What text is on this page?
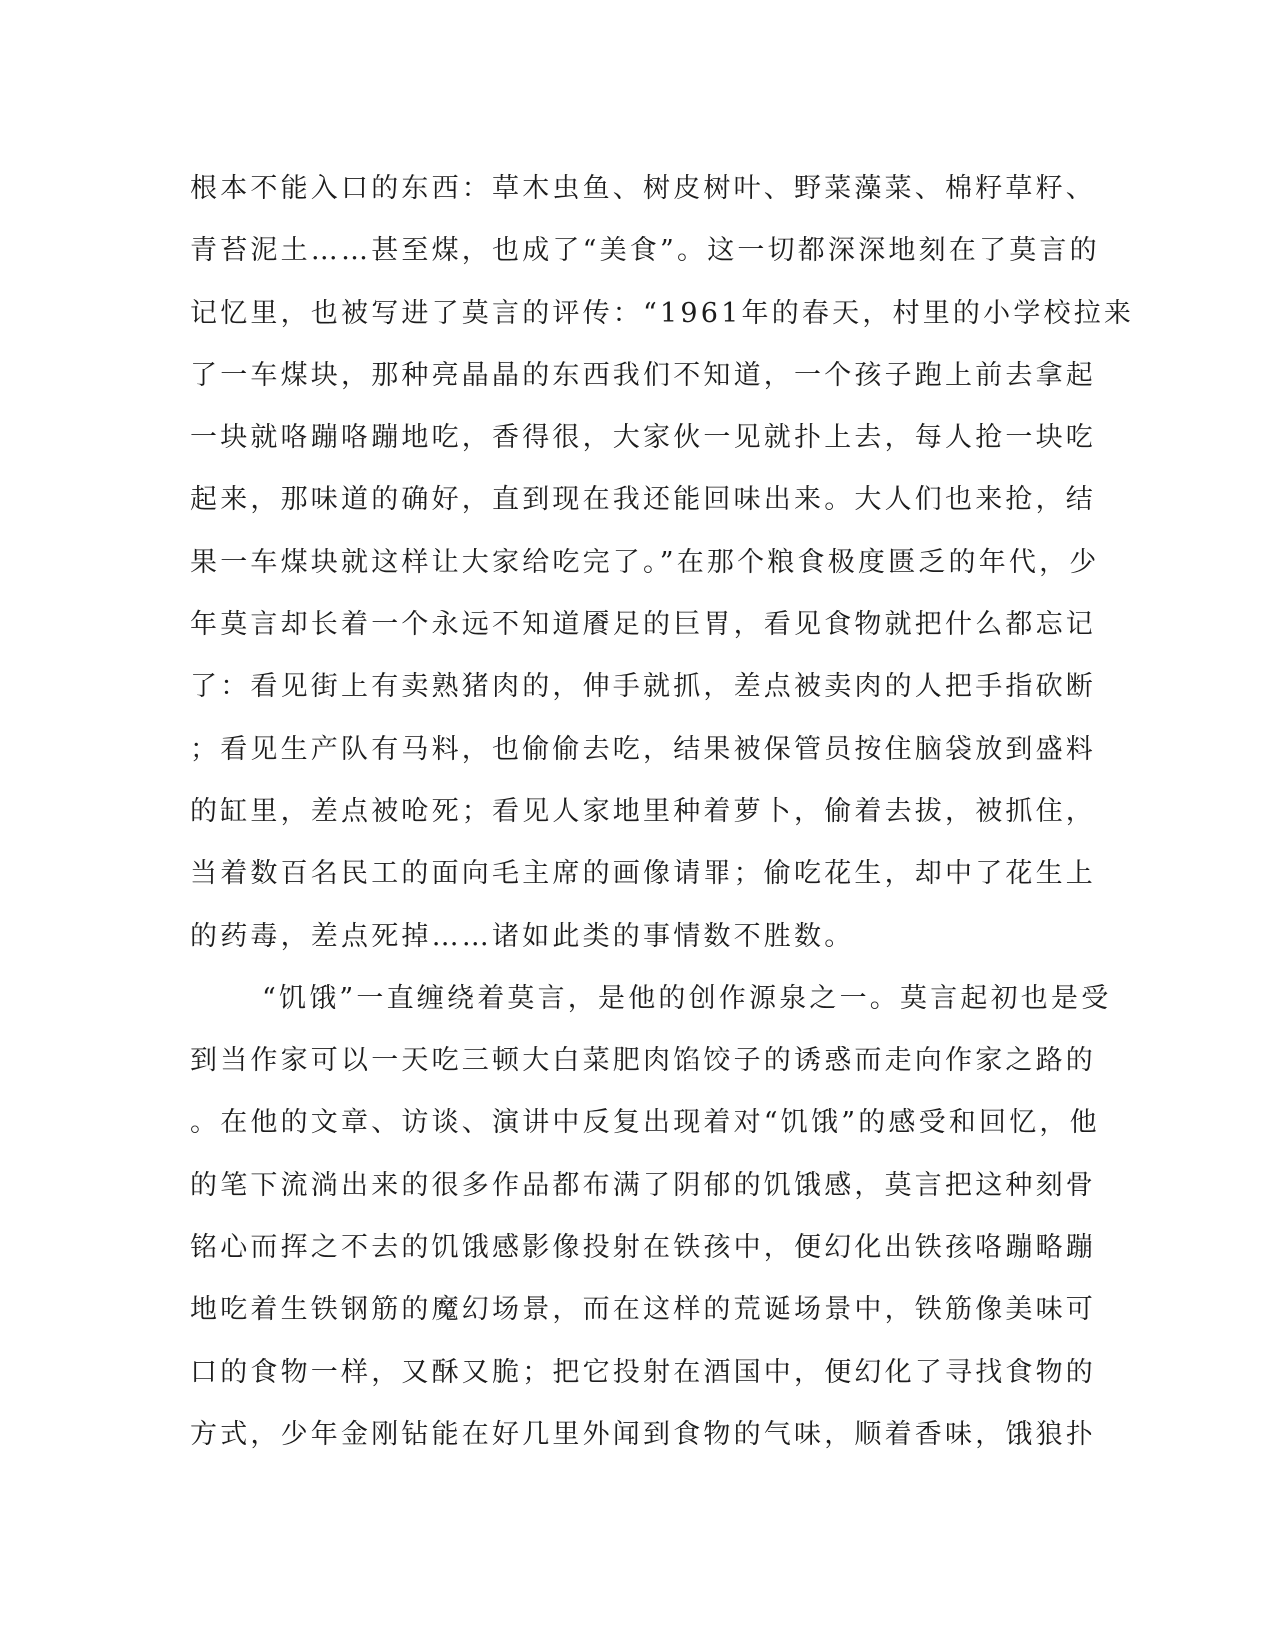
根本不能入口的东西：草木虫鱼、树皮树叶、野菜藻菜、棉籽草籽、
青苔泥土……甚至煤，也成了“美食”。这一切都深深地刻在了莫言的
记忆里，也被写进了莫言的评传：“1961年的春天，村里的小学校拉来
了一车煤块，那种亮晶晶的东西我们不知道，一个孩子跑上前去拿起
一块就咯蹦咯蹦地吃，香得很，大家伙一见就扑上去，每人抢一块吃
起来，那味道的确好，直到现在我还能回味出来。大人们也来抢，结
果一车煤块就这样让大家给吃完了。”在那个粮食极度匮乏的年代，少
年莫言却长着一个永远不知道餍足的巨胃，看见食物就把什么都忘记
了：看见街上有卖熟猪肉的，伸手就抓，差点被卖肉的人把手指砍断
；看见生产队有马料，也偷偷去吃，结果被保管员按住脑袋放到盛料
的缸里，差点被呛死；看见人家地里种着萝卜，偷着去拔，被抓住，
当着数百名民工的面向毛主席的画像请罪；偷吃花生，却中了花生上
的药毒，差点死掉……诸如此类的事情数不胜数。
“饥饿”一直缠绕着莫言，是他的创作源泉之一。莫言起初也是受
到当作家可以一天吃三顿大白菜肥肉馅饺子的诱惑而走向作家之路的
。在他的文章、访谈、演讲中反复出现着对“饥饿”的感受和回忆，他
的笔下流淌出来的很多作品都布满了阴郁的饥饿感，莫言把这种刻骨
铭心而挥之不去的饥饿感影像投射在铁孩中，便幻化出铁孩咯蹦略蹦
地吃着生铁钢筋的魔幻场景，而在这样的荒诞场景中，铁筋像美味可
口的食物一样，又酥又脆；把它投射在酒国中，便幻化了寻找食物的
方式，少年金刚钻能在好几里外闻到食物的气味，顺着香味，饿狼扑
